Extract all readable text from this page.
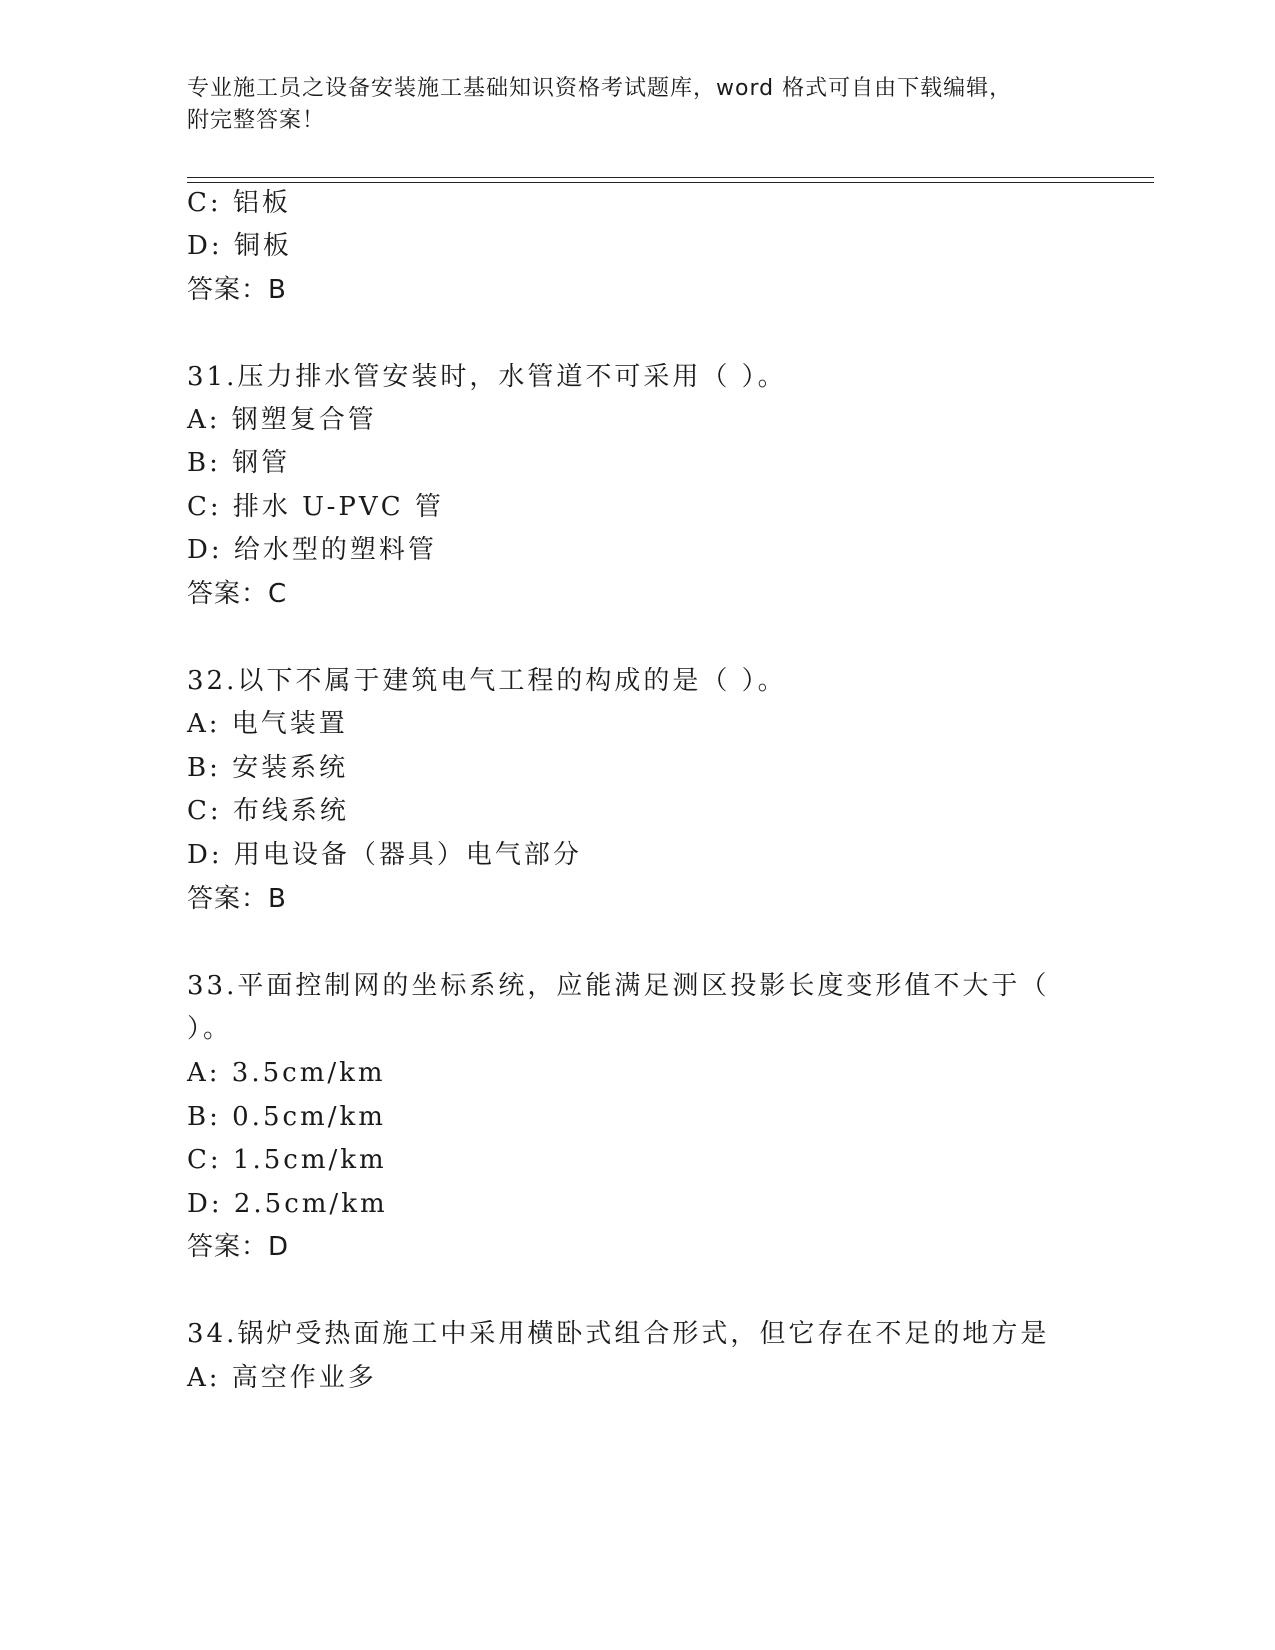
专业施工员之设备安装施工基础知识资格考试题库，word 格式可自由下载编辑，
附完整答案！
C: 铝板
D: 铜板
答案：B
31.压力排水管安装时，水管道不可采用（ ）。
A: 钢塑复合管
B: 钢管
C: 排水 U-PVC 管
D: 给水型的塑料管
答案：C
32.以下不属于建筑电气工程的构成的是（ ）。
A: 电气装置
B: 安装系统
C: 布线系统
D: 用电设备（器具）电气部分
答案：B
33.平面控制网的坐标系统，应能满足测区投影长度变形值不大于（
）。
A: 3.5cm/km
B: 0.5cm/km
C: 1.5cm/km
D: 2.5cm/km
答案：D
34.锅炉受热面施工中采用横卧式组合形式，但它存在不足的地方是
A: 高空作业多
